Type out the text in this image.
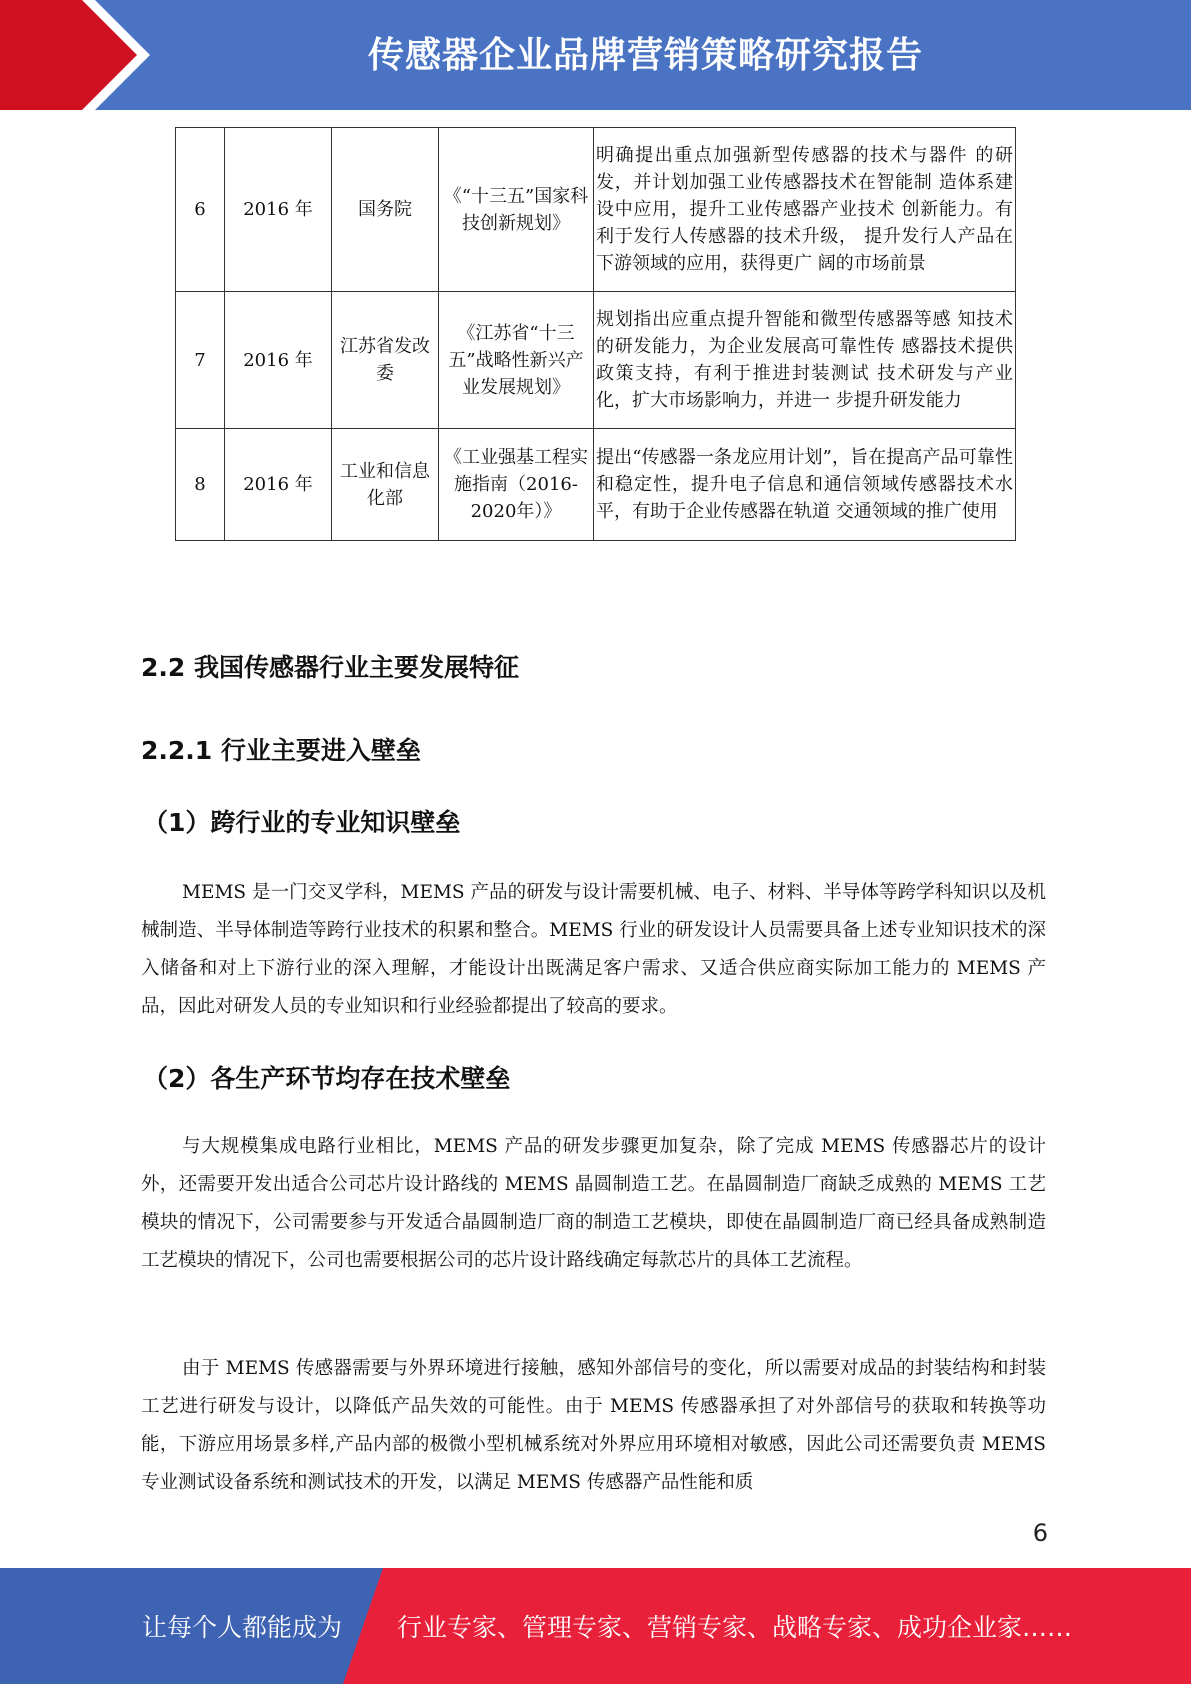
传感器企业品牌营销策略研究报告
6	2016 年	国务院	《“十三五”国家科技创新规划》	明确提出重点加强新型传感器的技术与器件 的研发，并计划加强工业传感器技术在智能制 造体系建设中应用，提升工业传感器产业技术 创新能力。有利于发行人传感器的技术升级， 提升发行人产品在下游领域的应用，获得更广 阔的市场前景
7	2016 年	江苏省发改委	《江苏省“十三五”战略性新兴产业发展规划》	规划指出应重点提升智能和微型传感器等感 知技术的研发能力，为企业发展高可靠性传 感器技术提供政策支持，有利于推进封装测试 技术研发与产业化，扩大市场影响力，并进一 步提升研发能力
8	2016 年	工业和信息化部	《工业强基工程实施指南（2016-2020年）》	提出“传感器一条龙应用计划”，旨在提高产品可靠性和稳定性，提升电子信息和通信领域传感器技术水平，有助于企业传感器在轨道 交通领域的推广使用
2.2 我国传感器行业主要发展特征
2.2.1 行业主要进入壁垒
（1）跨行业的专业知识壁垒
MEMS 是一门交叉学科，MEMS 产品的研发与设计需要机械、电子、材料、半导体等跨学科知识以及机械制造、半导体制造等跨行业技术的积累和整合。MEMS 行业的研发设计人员需要具备上述专业知识技术的深入储备和对上下游行业的深入理解，才能设计出既满足客户需求、又适合供应商实际加工能力的 MEMS 产品，因此对研发人员的专业知识和行业经验都提出了较高的要求。
（2）各生产环节均存在技术壁垒
与大规模集成电路行业相比，MEMS 产品的研发步骤更加复杂，除了完成 MEMS 传感器芯片的设计外，还需要开发出适合公司芯片设计路线的 MEMS 晶圆制造工艺。在晶圆制造厂商缺乏成熟的 MEMS 工艺模块的情况下，公司需要参与开发适合晶圆制造厂商的制造工艺模块，即使在晶圆制造厂商已经具备成熟制造工艺模块的情况下，公司也需要根据公司的芯片设计路线确定每款芯片的具体工艺流程。
由于 MEMS 传感器需要与外界环境进行接触，感知外部信号的变化，所以需要对成品的封装结构和封装工艺进行研发与设计，以降低产品失效的可能性。由于 MEMS 传感器承担了对外部信号的获取和转换等功能，下游应用场景多样,产品内部的极微小型机械系统对外界应用环境相对敏感，因此公司还需要负责 MEMS 专业测试设备系统和测试技术的开发，以满足 MEMS 传感器产品性能和质
6
让每个人都能成为 行业专家、管理专家、营销专家、战略专家、成功企业家……
